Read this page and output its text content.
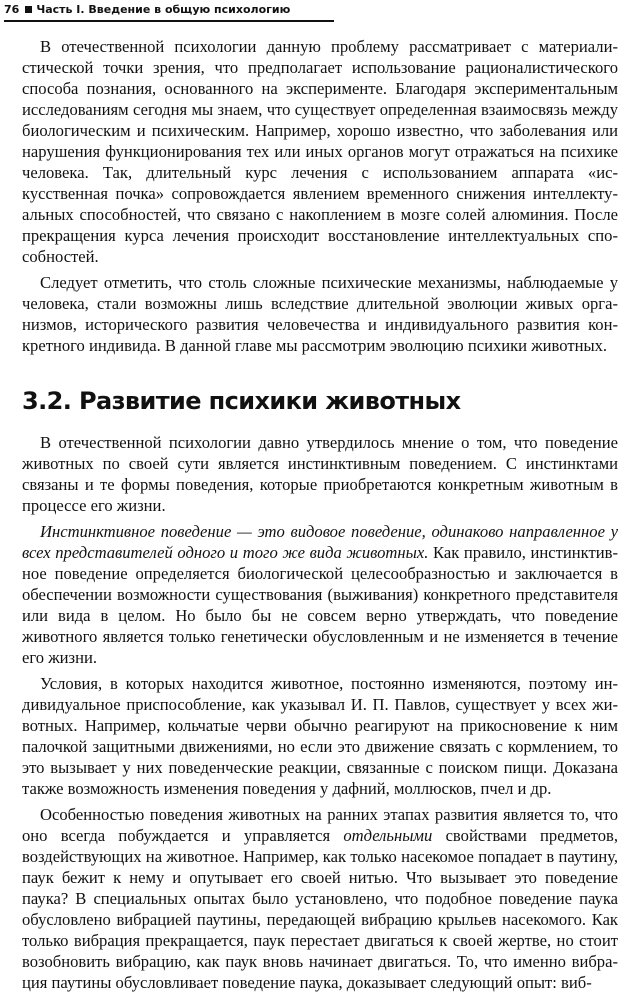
76 Часть I. Введение в общую психологию

В отечественной психологии данную проблему рассматривает с материалистической точки зрения, что предполагает использование рационалистического способа познания, основанного на эксперименте. Благодаря экспериментальным исследованиям сегодня мы знаем, что существует определенная взаимосвязь между биологическим и психическим. Например, хорошо известно, что заболевания или нарушения функционирования тех или иных органов могут отражаться на психике человека. Так, длительный курс лечения с использованием аппарата «искусственная почка» сопровождается явлением временного снижения интеллектуальных способностей, что связано с накоплением в мозге солей алюминия. После прекращения курса лечения происходит восстановление интеллектуальных способностей.

Следует отметить, что столь сложные психические механизмы, наблюдаемые у человека, стали возможны лишь вследствие длительной эволюции живых организмов, исторического развития человечества и индивидуального развития конкретного индивида. В данной главе мы рассмотрим эволюцию психики животных.

3.2. Развитие психики животных

В отечественной психологии давно утвердилось мнение о том, что поведение животных по своей сути является инстинктивным поведением. С инстинктами связаны и те формы поведения, которые приобретаются конкретным животным в процессе его жизни.

Инстинктивное поведение — это видовое поведение, одинаково направленное у всех представителей одного и того же вида животных. Как правило, инстинктивное поведение определяется биологической целесообразностью и заключается в обеспечении возможности существования (выживания) конкретного представителя или вида в целом. Но было бы не совсем верно утверждать, что поведение животного является только генетически обусловленным и не изменяется в течение его жизни.

Условия, в которых находится животное, постоянно изменяются, поэтому индивидуальное приспособление, как указывал И. П. Павлов, существует у всех животных. Например, кольчатые черви обычно реагируют на прикосновение к ним палочкой защитными движениями, но если это движение связать с кормлением, то это вызывает у них поведенческие реакции, связанные с поиском пищи. Доказана также возможность изменения поведения у дафний, моллюсков, пчел и др.

Особенностью поведения животных на ранних этапах развития является то, что оно всегда побуждается и управляется отдельными свойствами предметов, воздействующих на животное. Например, как только насекомое попадает в паутину, паук бежит к нему и опутывает его своей нитью. Что вызывает это поведение паука? В специальных опытах было установлено, что подобное поведение паука обусловлено вибрацией паутины, передающей вибрацию крыльев насекомого. Как только вибрация прекращается, паук перестает двигаться к своей жертве, но стоит возобновить вибрацию, как паук вновь начинает двигаться. То, что именно вибрация паутины обусловливает поведение паука, доказывает следующий опыт: виб-
